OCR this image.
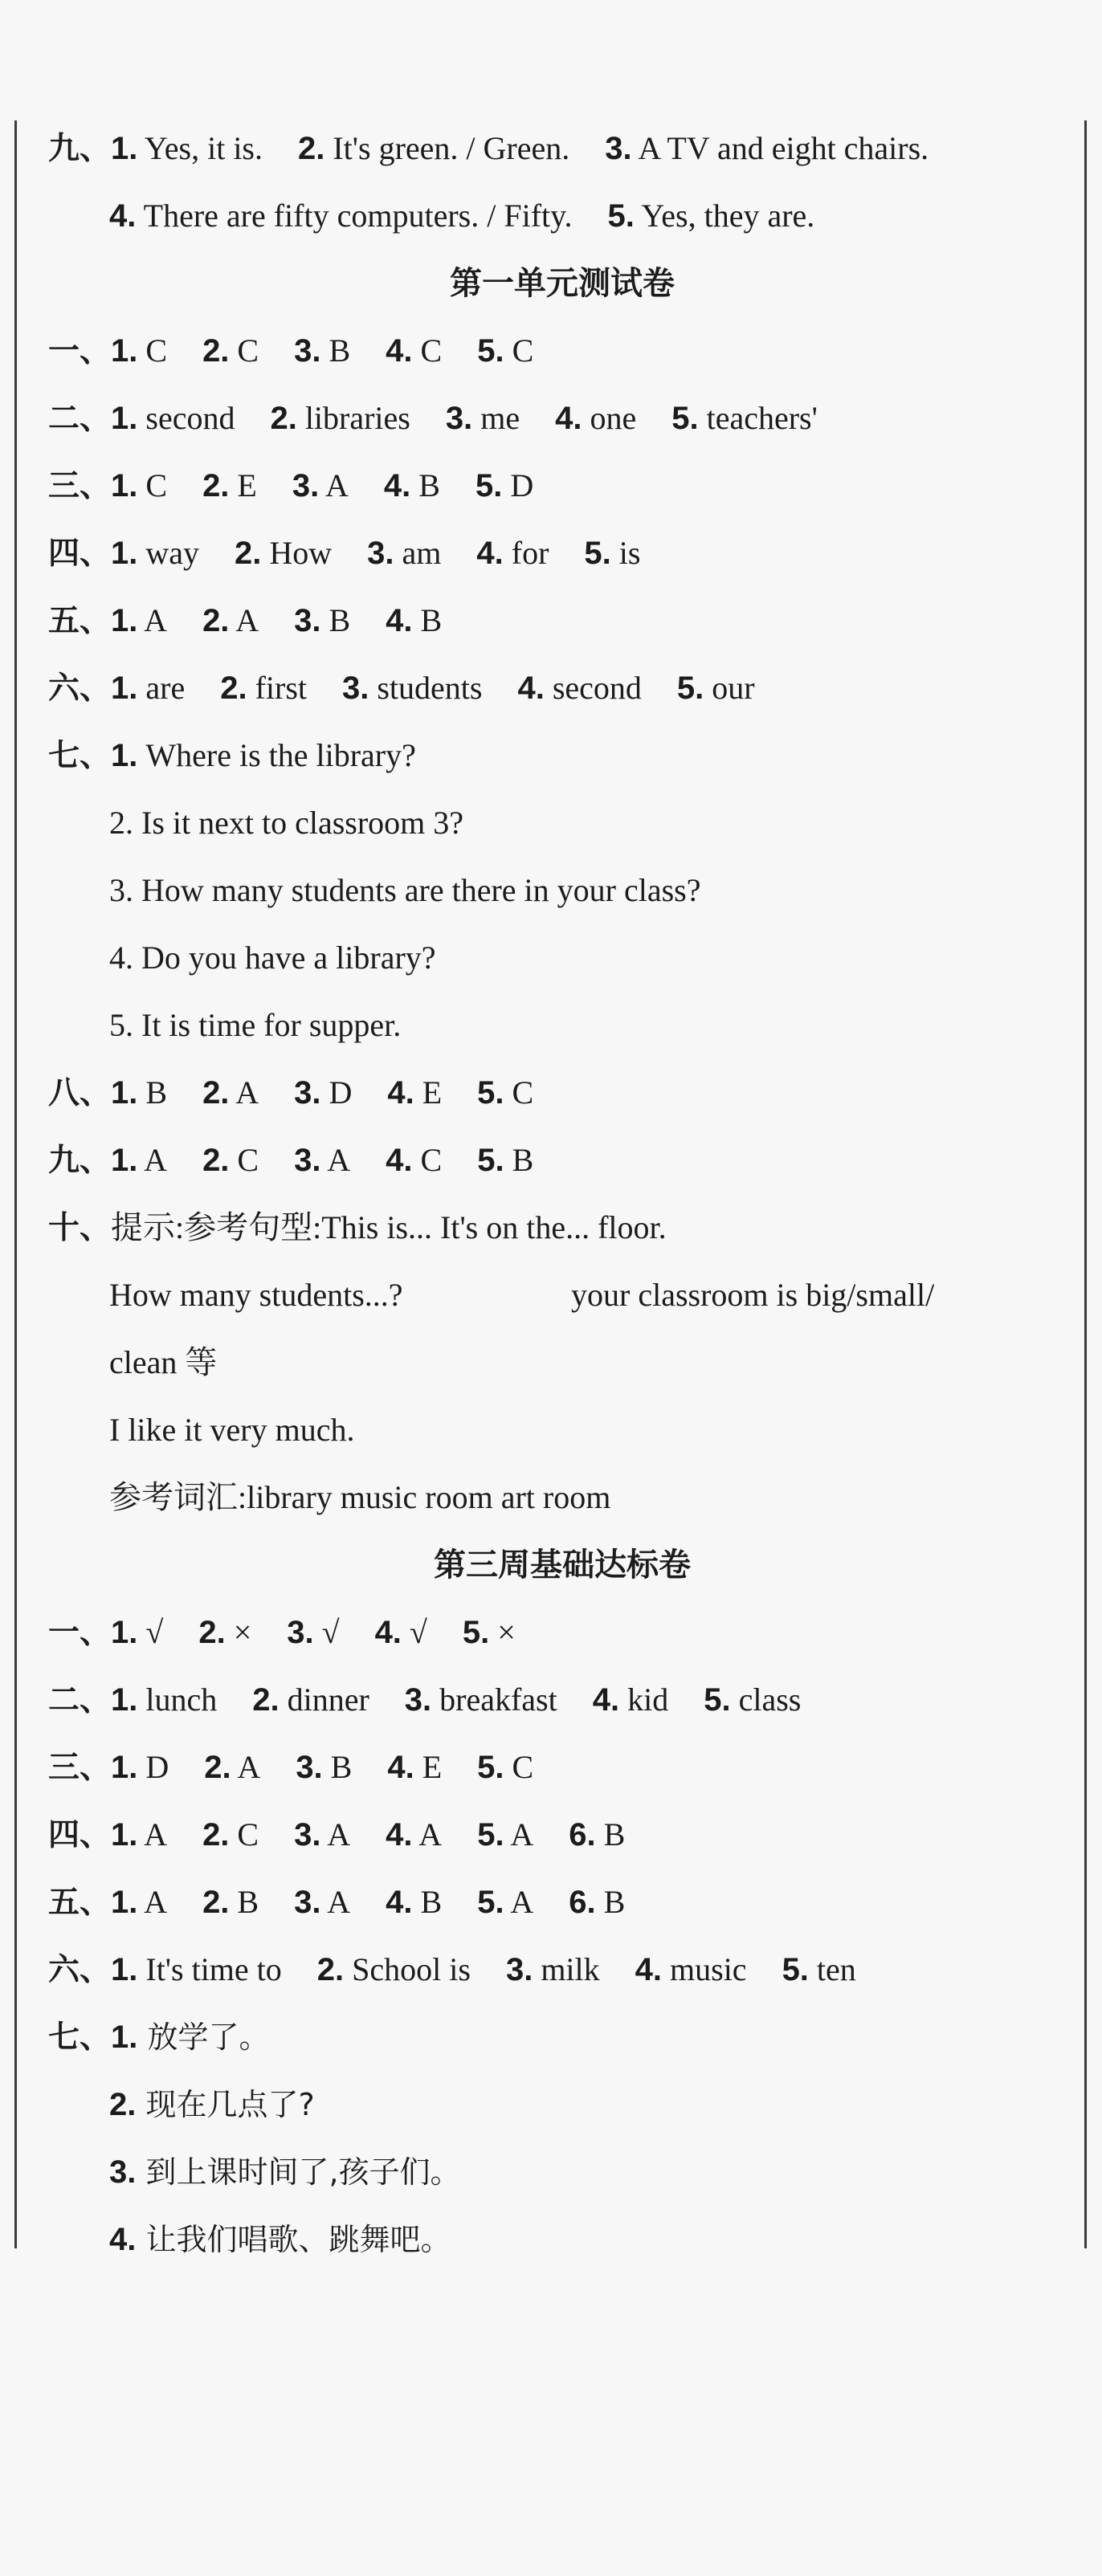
九、1. Yes, it is. 2. It's green. / Green. 3. A TV and eight chairs.
4. There are fifty computers. / Fifty. 5. Yes, they are.
第一单元测试卷
一、1. C 2. C 3. B 4. C 5. C
二、1. second 2. libraries 3. me 4. one 5. teachers'
三、1. C 2. E 3. A 4. B 5. D
四、1. way 2. How 3. am 4. for 5. is
五、1. A 2. A 3. B 4. B
六、1. are 2. first 3. students 4. second 5. our
七、1. Where is the library?
2. Is it next to classroom 3?
3. How many students are there in your class?
4. Do you have a library?
5. It is time for supper.
八、1. B 2. A 3. D 4. E 5. C
九、1. A 2. C 3. A 4. C 5. B
十、提示:参考句型:This is... It's on the... floor.
How many students...?	your classroom is big/small/
clean 等
I like it very much.
参考词汇:library music room art room
第三周基础达标卷
一、1. √ 2. × 3. √ 4. √ 5. ×
二、1. lunch 2. dinner 3. breakfast 4. kid 5. class
三、1. D 2. A 3. B 4. E 5. C
四、1. A 2. C 3. A 4. A 5. A 6. B
五、1. A 2. B 3. A 4. B 5. A 6. B
六、1. It's time to 2. School is 3. milk 4. music 5. ten
七、1. 放学了。
2. 现在几点了?
3. 到上课时间了,孩子们。
4. 让我们唱歌、跳舞吧。
